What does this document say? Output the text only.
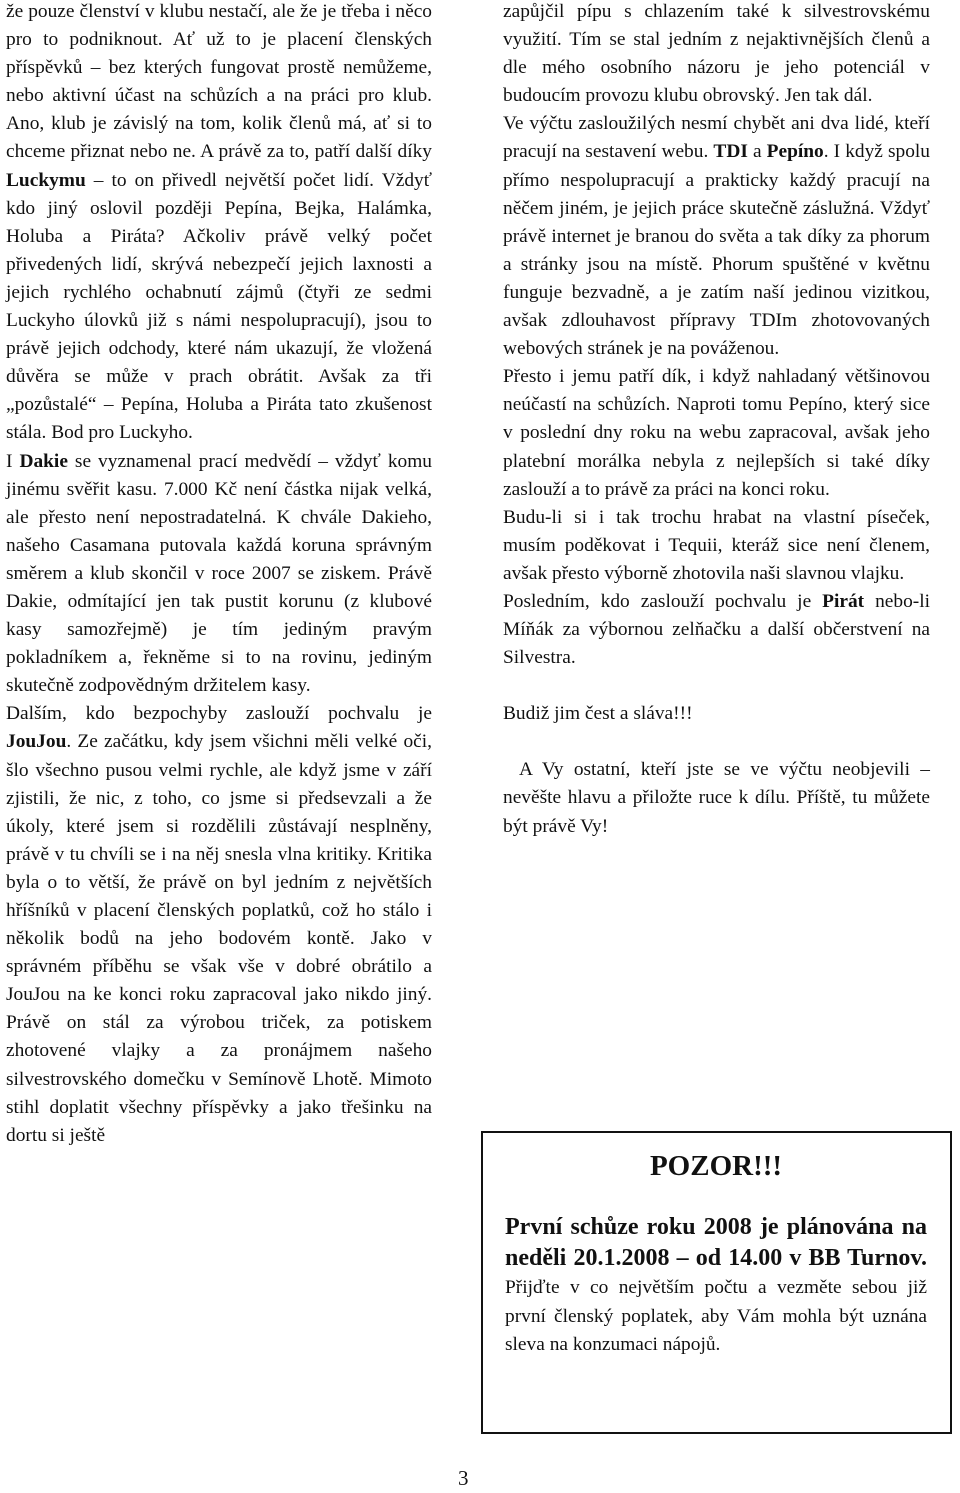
že pouze členství v klubu nestačí, ale že je třeba i něco pro to podniknout. Ať už to je placení členských příspěvků – bez kterých fungovat prostě nemůžeme, nebo aktivní účast na schůzích a na práci pro klub. Ano, klub je závislý na tom, kolik členů má, ať si to chceme přiznat nebo ne. A právě za to, patří další díky Luckymu – to on přivedl největší počet lidí. Vždyť kdo jiný oslovil později Pepína, Bejka, Halámka, Holuba a Piráta? Ačkoliv právě velký počet přivedených lidí, skrývá nebezpečí jejich laxnosti a jejich rychlého ochabnutí zájmů (čtyři ze sedmi Luckyho úlovků již s námi nespolupracují), jsou to právě jejich odchody, které nám ukazují, že vložená důvěra se může v prach obrátit. Avšak za tři „pozůstalé“ – Pepína, Holuba a Piráta tato zkušenost stála. Bod pro Luckyho.

I Dakie se vyznamenal prací medvědí – vždyť komu jinému svěřit kasu. 7.000 Kč není částka nijak velká, ale přesto není nepostradatelná. K chvále Dakieho, našeho Casamana putovala každá koruna správným směrem a klub skončil v roce 2007 se ziskem. Právě Dakie, odmítající jen tak pustit korunu (z klubové kasy samozřejmě) je tím jediným pravým pokladníkem a, řekněme si to na rovinu, jediným skutečně zodpovědným držitelem kasy.

Dalším, kdo bezpochyby zaslouží pochvalu je JouJou. Ze začátku, kdy jsem všichni měli velké oči, šlo všechno pusou velmi rychle, ale když jsme v září zjistili, že nic, z toho, co jsme si předsevzali a že úkoly, které jsem si rozdělili zůstávají nesplněny, právě v tu chvíli se i na něj snesla vlna kritiky. Kritika byla o to větší, že právě on byl jedním z největších hříšníků v placení členských poplatků, což ho stálo i několik bodů na jeho bodovém kontě. Jako v správném příběhu se však vše v dobré obrátilo a JouJou na ke konci roku zapracoval jako nikdo jiný. Právě on stál za výrobou triček, za potiskem zhotovené vlajky a za pronájmem našeho silvestrovského domečku v Semínově Lhotě. Mimoto stihl doplatit všechny příspěvky a jako třešinku na dortu si ještě

zapůjčil pípu s chlazením také k silvestrovskému využití. Tím se stal jedním z nejaktivnějších členů a dle mého osobního názoru je jeho potenciál v budoucím provozu klubu obrovský. Jen tak dál.

Ve výčtu zasloužilých nesmí chybět ani dva lidé, kteří pracují na sestavení webu. TDI a Pepíno. I když spolu přímo nespolupracují a prakticky každý pracují na něčem jiném, je jejich práce skutečně záslužná. Vždyť právě internet je branou do světa a tak díky za phorum a stránky jsou na místě. Phorum spuštěné v květnu funguje bezvadně, a je zatím naší jedinou vizitkou, avšak zdlouhavost přípravy TDIm zhotovovaných webových stránek je na pováženou.

Přesto i jemu patří dík, i když nahladaný většinovou neúčastí na schůzích. Naproti tomu Pepíno, který sice v poslední dny roku na webu zapracoval, avšak jeho platební morálka nebyla z nejlepších si také díky zaslouží a to právě za práci na konci roku.

Budu-li si i tak trochu hrabat na vlastní píseček, musím poděkovat i Tequii, kteráž sice není členem, avšak přesto výborně zhotovila naši slavnou vlajku.

Posledním, kdo zaslouží pochvalu je Pirát nebo-li Míňák za výbornou zelňačku a další občerstvení na Silvestra.

Budiž jim čest a sláva!!!

A Vy ostatní, kteří jste se ve výčtu neobjevili – nevěšte hlavu a přiložte ruce k dílu. Příště, tu můžete být právě Vy!

POZOR!!!

První schůze roku 2008 je plánována na neděli 20.1.2008 – od 14.00 v BB Turnov. Přijďte v co největším počtu a vezměte sebou již první členský poplatek, aby Vám mohla být uznána sleva na konzumaci nápojů.

3
